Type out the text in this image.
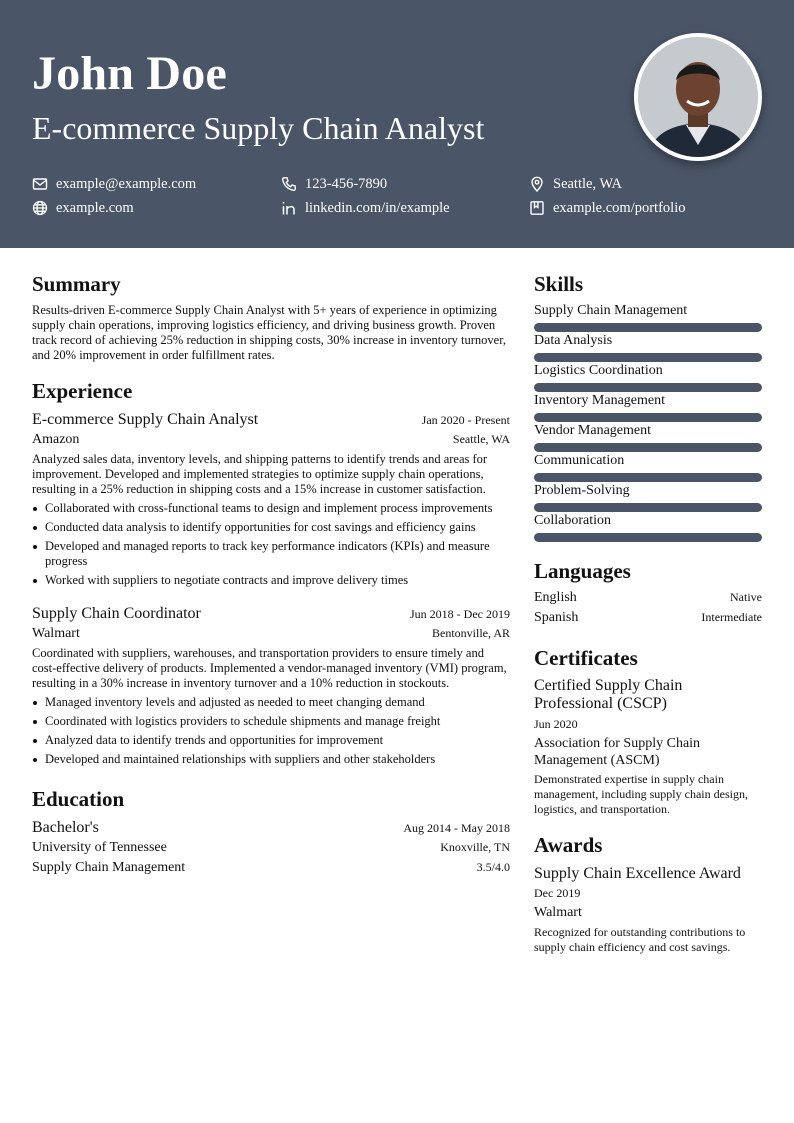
John Doe
E-commerce Supply Chain Analyst
example@example.com	123-456-7890	Seattle, WA
example.com	linkedin.com/in/example	example.com/portfolio
Summary
Results-driven E-commerce Supply Chain Analyst with 5+ years of experience in optimizing supply chain operations, improving logistics efficiency, and driving business growth. Proven track record of achieving 25% reduction in shipping costs, 30% increase in inventory turnover, and 20% improvement in order fulfillment rates.
Experience
E-commerce Supply Chain Analyst	Jan 2020 - Present
Amazon	Seattle, WA
Analyzed sales data, inventory levels, and shipping patterns to identify trends and areas for improvement. Developed and implemented strategies to optimize supply chain operations, resulting in a 25% reduction in shipping costs and a 15% increase in customer satisfaction.
Collaborated with cross-functional teams to design and implement process improvements
Conducted data analysis to identify opportunities for cost savings and efficiency gains
Developed and managed reports to track key performance indicators (KPIs) and measure progress
Worked with suppliers to negotiate contracts and improve delivery times
Supply Chain Coordinator	Jun 2018 - Dec 2019
Walmart	Bentonville, AR
Coordinated with suppliers, warehouses, and transportation providers to ensure timely and cost-effective delivery of products. Implemented a vendor-managed inventory (VMI) program, resulting in a 30% increase in inventory turnover and a 10% reduction in stockouts.
Managed inventory levels and adjusted as needed to meet changing demand
Coordinated with logistics providers to schedule shipments and manage freight
Analyzed data to identify trends and opportunities for improvement
Developed and maintained relationships with suppliers and other stakeholders
Education
Bachelor's	Aug 2014 - May 2018
University of Tennessee	Knoxville, TN
Supply Chain Management	3.5/4.0
Skills
Supply Chain Management
Data Analysis
Logistics Coordination
Inventory Management
Vendor Management
Communication
Problem-Solving
Collaboration
Languages
English	Native
Spanish	Intermediate
Certificates
Certified Supply Chain Professional (CSCP)
Jun 2020
Association for Supply Chain Management (ASCM)
Demonstrated expertise in supply chain management, including supply chain design, logistics, and transportation.
Awards
Supply Chain Excellence Award
Dec 2019
Walmart
Recognized for outstanding contributions to supply chain efficiency and cost savings.
